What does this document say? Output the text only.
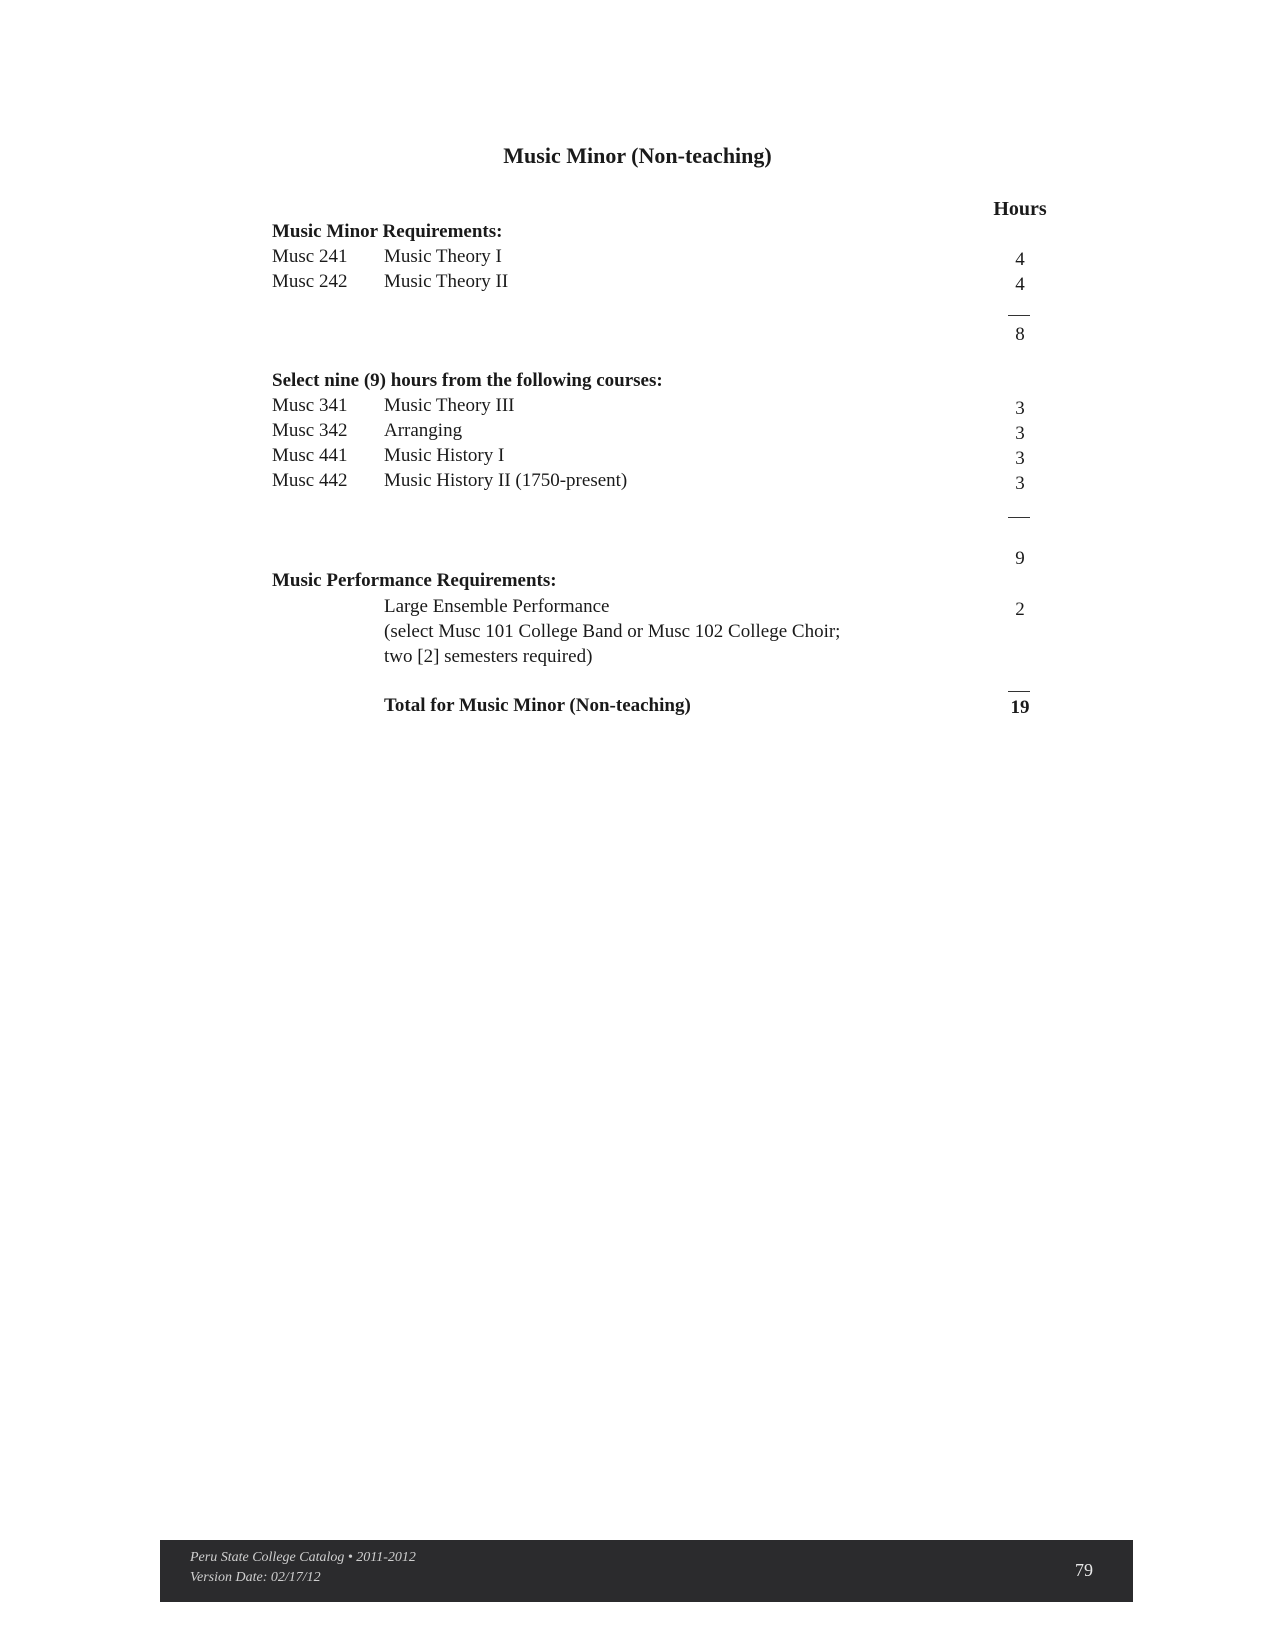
Music Minor (Non-teaching)
Hours
Music Minor Requirements:
Musc 241 Music Theory I	4
Musc 242 Music Theory II	4
8
Select nine (9) hours from the following courses:
Musc 341 Music Theory III	3
Musc 342 Arranging	3
Musc 441 Music History I	3
Musc 442 Music History II (1750-present)	3
9
Music Performance Requirements:
Large Ensemble Performance	2
(select Musc 101 College Band or Musc 102 College Choir;
two [2] semesters required)
Total for Music Minor (Non-teaching)	19
Peru State College Catalog • 2011-2012
Version Date: 02/17/12	79
